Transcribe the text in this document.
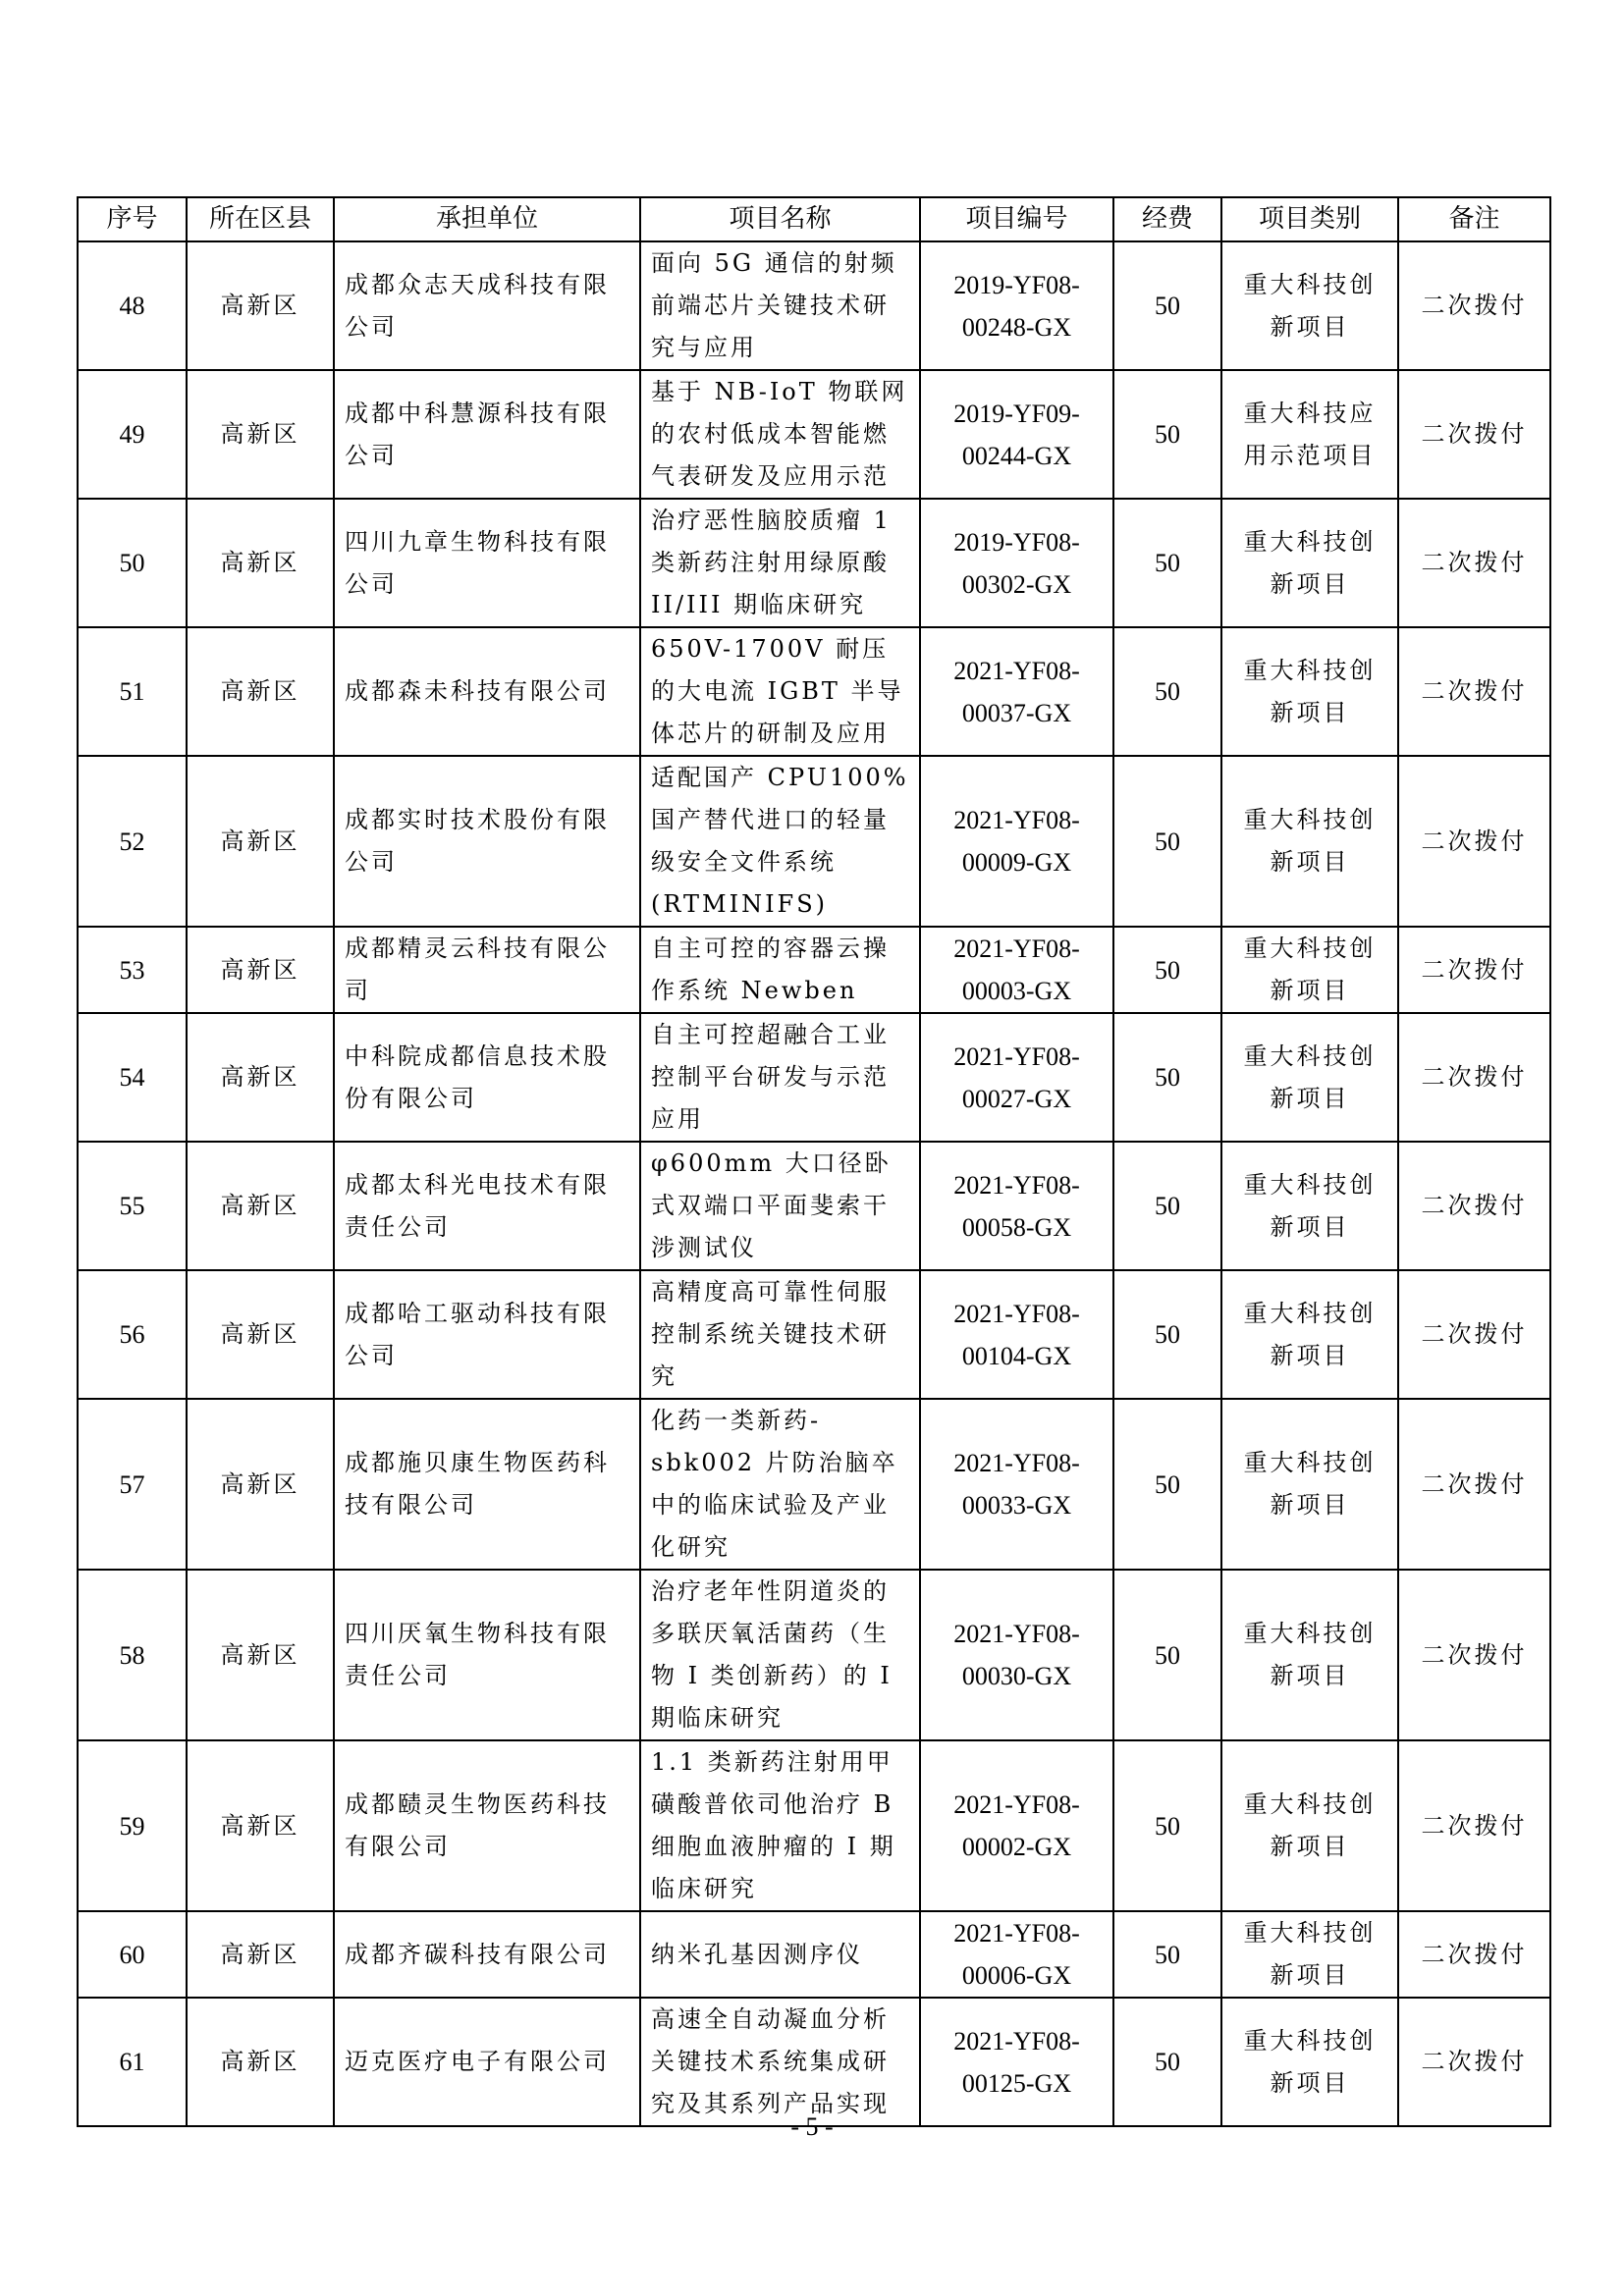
序号	所在区县	承担单位	项目名称	项目编号	经费	项目类别	备注
48	高新区	成都众志天成科技有限公司	面向 5G 通信的射频前端芯片关键技术研究与应用	2019-YF08-00248-GX	50	重大科技创新项目	二次拨付
49	高新区	成都中科慧源科技有限公司	基于 NB-IoT 物联网的农村低成本智能燃气表研发及应用示范	2019-YF09-00244-GX	50	重大科技应用示范项目	二次拨付
50	高新区	四川九章生物科技有限公司	治疗恶性脑胶质瘤 1 类新药注射用绿原酸 II/III 期临床研究	2019-YF08-00302-GX	50	重大科技创新项目	二次拨付
51	高新区	成都森未科技有限公司	650V-1700V 耐压的大电流 IGBT 半导体芯片的研制及应用	2021-YF08-00037-GX	50	重大科技创新项目	二次拨付
52	高新区	成都实时技术股份有限公司	适配国产 CPU100% 国产替代进口的轻量级安全文件系统 (RTMINIFS)	2021-YF08-00009-GX	50	重大科技创新项目	二次拨付
53	高新区	成都精灵云科技有限公司	自主可控的容器云操作系统 Newben	2021-YF08-00003-GX	50	重大科技创新项目	二次拨付
54	高新区	中科院成都信息技术股份有限公司	自主可控超融合工业控制平台研发与示范应用	2021-YF08-00027-GX	50	重大科技创新项目	二次拨付
55	高新区	成都太科光电技术有限责任公司	φ600mm 大口径卧式双端口平面斐索干涉测试仪	2021-YF08-00058-GX	50	重大科技创新项目	二次拨付
56	高新区	成都哈工驱动科技有限公司	高精度高可靠性伺服控制系统关键技术研究	2021-YF08-00104-GX	50	重大科技创新项目	二次拨付
57	高新区	成都施贝康生物医药科技有限公司	化药一类新药-sbk002 片防治脑卒中的临床试验及产业化研究	2021-YF08-00033-GX	50	重大科技创新项目	二次拨付
58	高新区	四川厌氧生物科技有限责任公司	治疗老年性阴道炎的多联厌氧活菌药（生物 I 类创新药）的 I 期临床研究	2021-YF08-00030-GX	50	重大科技创新项目	二次拨付
59	高新区	成都赜灵生物医药科技有限公司	1.1 类新药注射用甲磺酸普依司他治疗 B 细胞血液肿瘤的 I 期临床研究	2021-YF08-00002-GX	50	重大科技创新项目	二次拨付
60	高新区	成都齐碳科技有限公司	纳米孔基因测序仪	2021-YF08-00006-GX	50	重大科技创新项目	二次拨付
61	高新区	迈克医疗电子有限公司	高速全自动凝血分析关键技术系统集成研究及其系列产品实现	2021-YF08-00125-GX	50	重大科技创新项目	二次拨付
- 5 -
